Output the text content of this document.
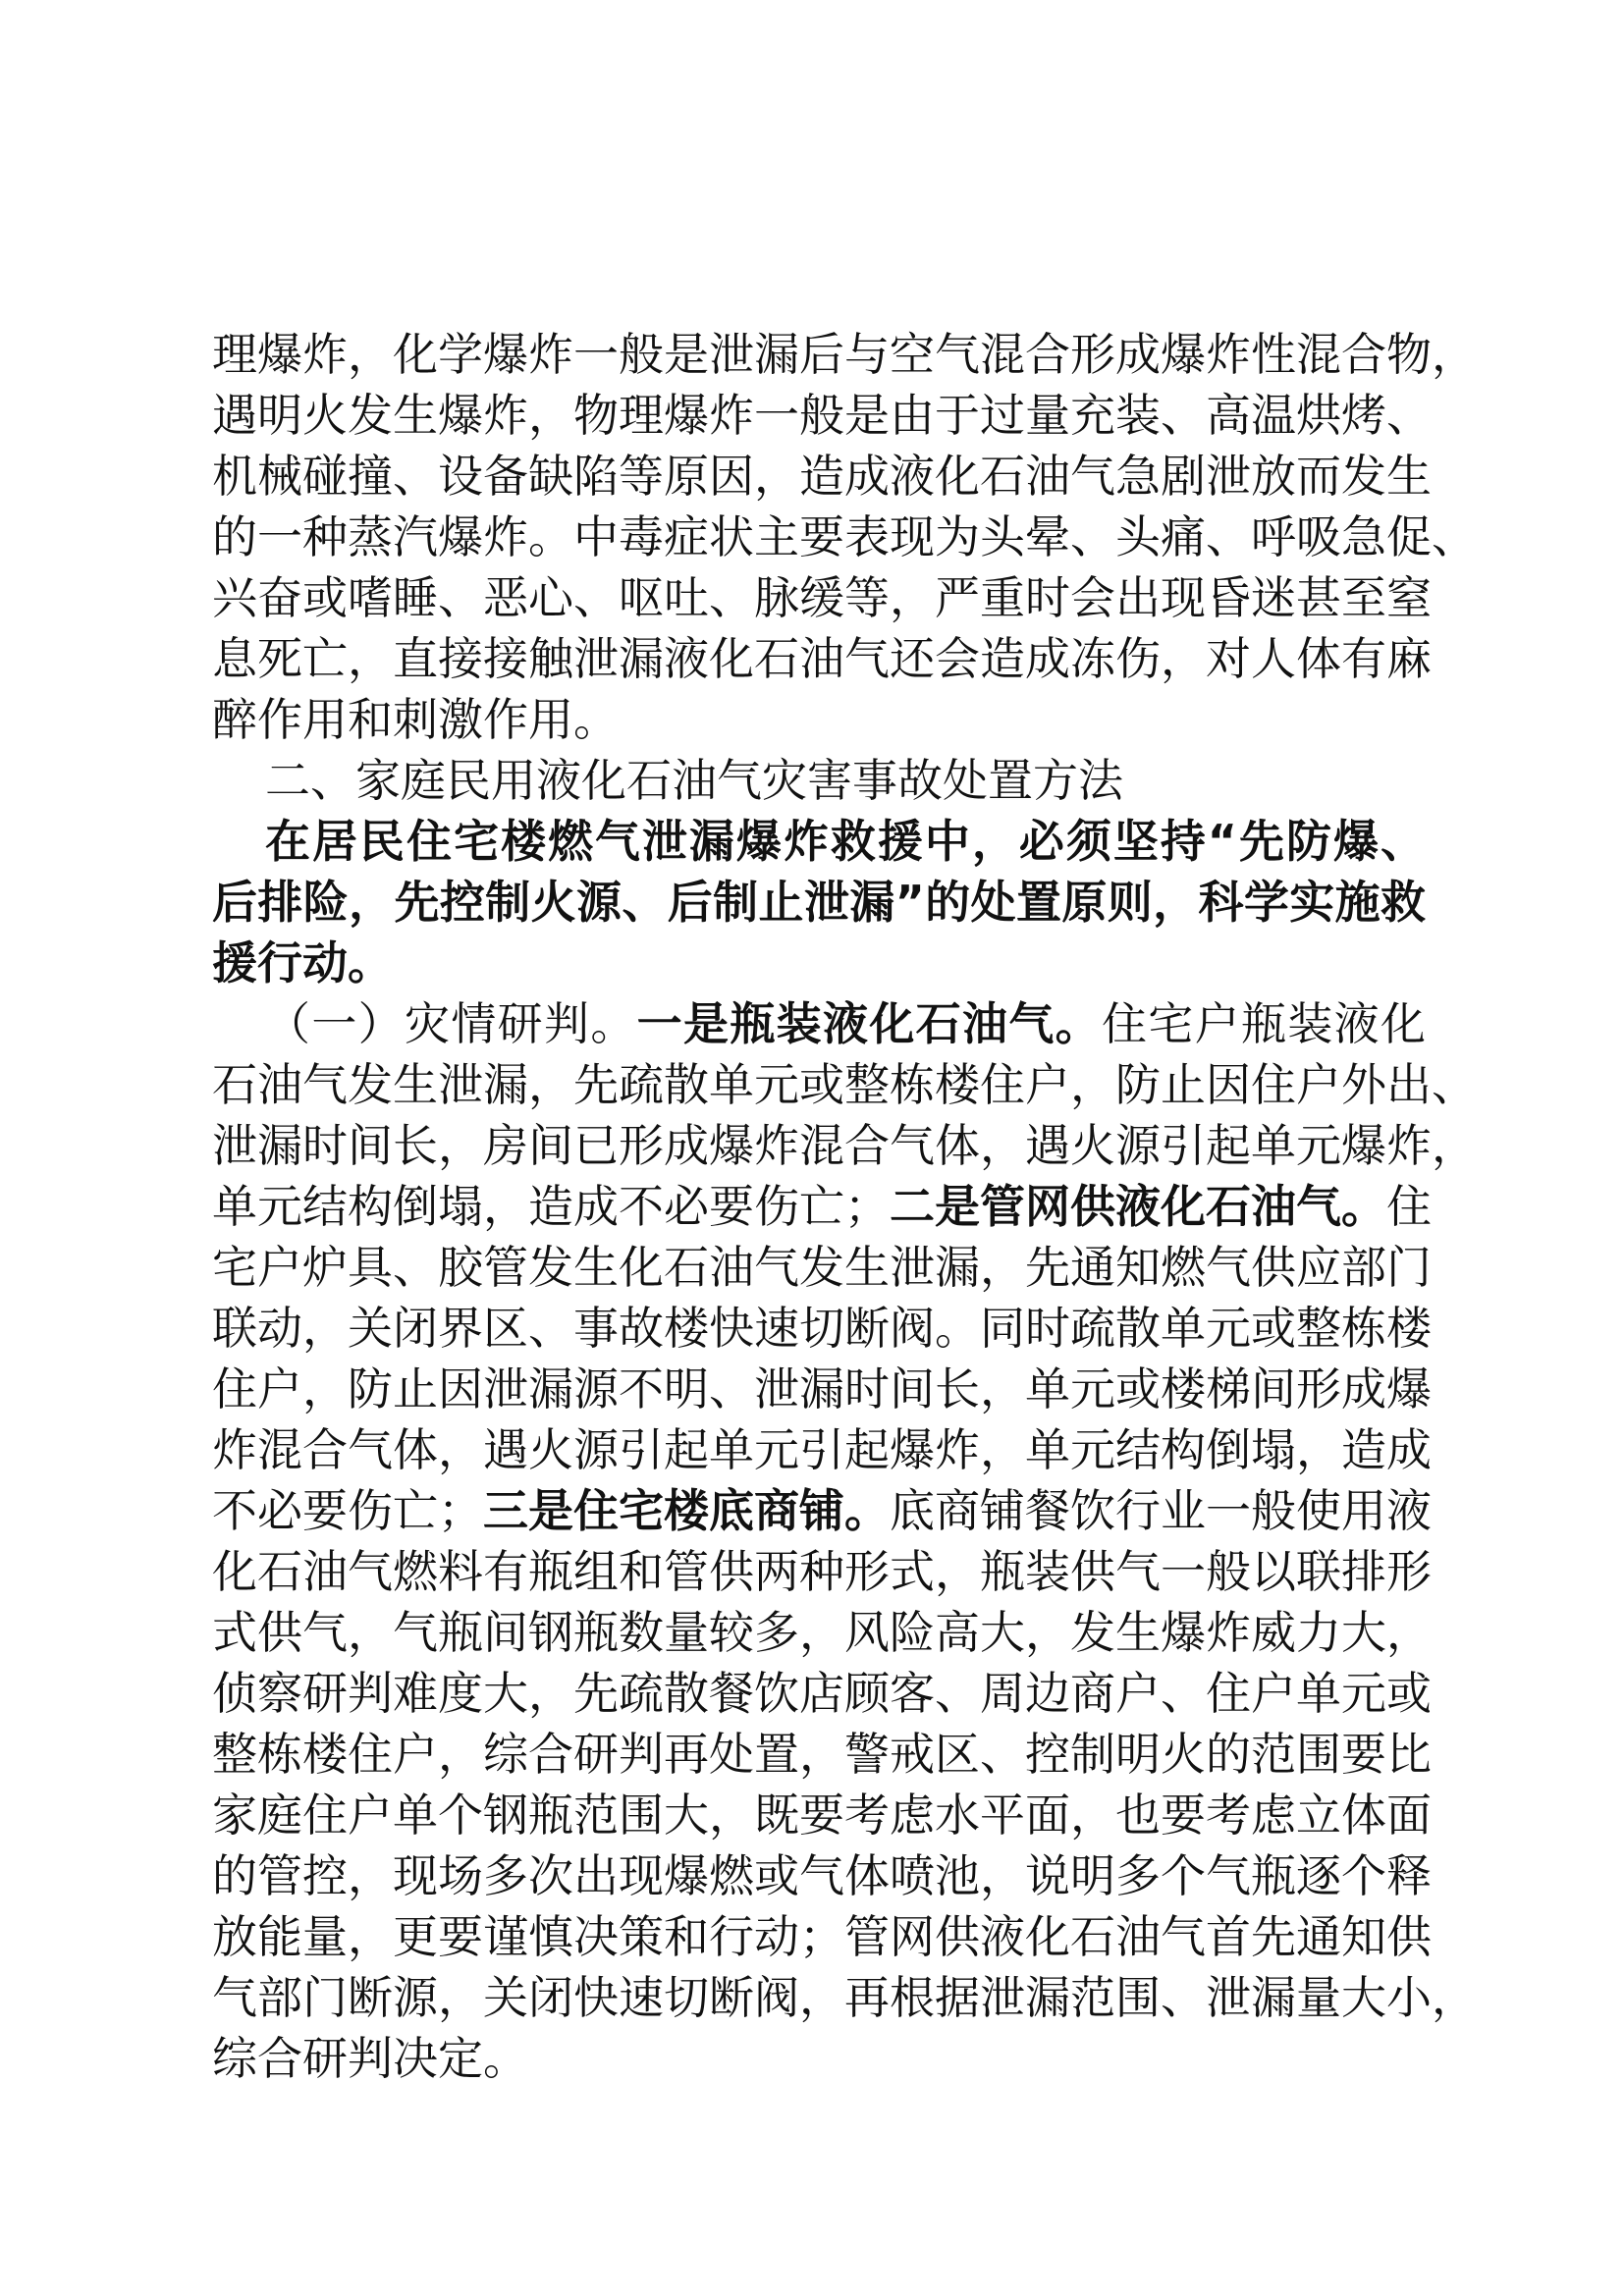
理爆炸，化学爆炸一般是泄漏后与空气混合形成爆炸性混合物，
遇明火发生爆炸，物理爆炸一般是由于过量充装、高温烘烤、
机械碰撞、设备缺陷等原因，造成液化石油气急剧泄放而发生
的一种蒸汽爆炸。中毒症状主要表现为头晕、头痛、呼吸急促、
兴奋或嗜睡、恶心、呕吐、脉缓等，严重时会出现昏迷甚至窒
息死亡，直接接触泄漏液化石油气还会造成冻伤，对人体有麻
醉作用和刺激作用。
二、家庭民用液化石油气灾害事故处置方法
在居民住宅楼燃气泄漏爆炸救援中，必须坚持“先防爆、
后排险，先控制火源、后制止泄漏”的处置原则，科学实施救
援行动。
（一）灾情研判。一是瓶装液化石油气。住宅户瓶装液化
石油气发生泄漏，先疏散单元或整栋楼住户，防止因住户外出、
泄漏时间长，房间已形成爆炸混合气体，遇火源引起单元爆炸，
单元结构倒塌，造成不必要伤亡；二是管网供液化石油气。住
宅户炉具、胶管发生化石油气发生泄漏，先通知燃气供应部门
联动，关闭界区、事故楼快速切断阀。同时疏散单元或整栋楼
住户，防止因泄漏源不明、泄漏时间长，单元或楼梯间形成爆
炸混合气体，遇火源引起单元引起爆炸，单元结构倒塌，造成
不必要伤亡；三是住宅楼底商铺。底商铺餐饮行业一般使用液
化石油气燃料有瓶组和管供两种形式，瓶装供气一般以联排形
式供气，气瓶间钢瓶数量较多，风险高大，发生爆炸威力大，
侦察研判难度大，先疏散餐饮店顾客、周边商户、住户单元或
整栋楼住户，综合研判再处置，警戒区、控制明火的范围要比
家庭住户单个钢瓶范围大，既要考虑水平面，也要考虑立体面
的管控，现场多次出现爆燃或气体喷池，说明多个气瓶逐个释
放能量，更要谨慎决策和行动；管网供液化石油气首先通知供
气部门断源，关闭快速切断阀，再根据泄漏范围、泄漏量大小，
综合研判决定。
